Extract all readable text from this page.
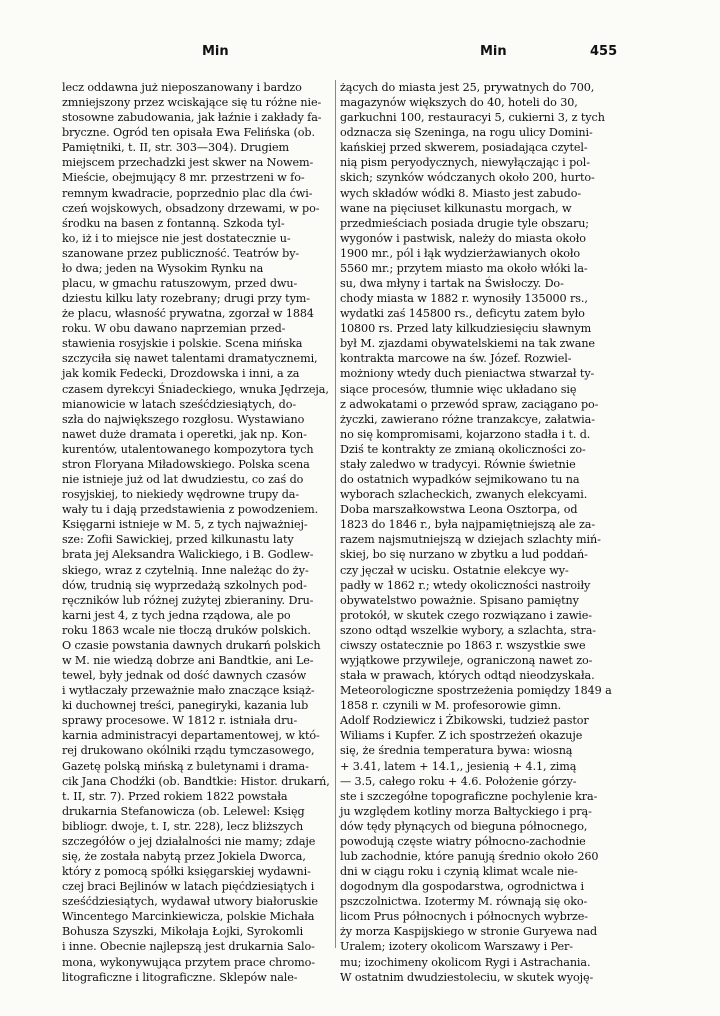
Min	Min	455
lecz oddawna już nieposzanowany i bardzo
zmniejszony przez wciskające się tu różne nie-
stosowne zabudowania, jak łaźnie i zakłady fa-
bryczne. Ogród ten opisała Ewa Felińska (ob.
Pamiętniki, t. II, str. 303—304). Drugiem
miejscem przechadzki jest skwer na Nowem-
Mieście, obejmujący 8 mr. przestrzeni w fo-
remnym kwadracie, poprzednio plac dla ćwi-
czeń wojskowych, obsadzony drzewami, w po-
środku na basen z fontanną. Szkoda tyl-
ko, iż i to miejsce nie jest dostatecznie u-
szanowane przez publiczność. Teatrów by-
ło dwa; jeden na Wysokim Rynku na
placu, w gmachu ratuszowym, przed dwu-
dziestu kilku laty rozebrany; drugi przy tym-
że placu, własność prywatna, zgorzał w 1884
roku. W obu dawano naprzemian przed-
stawienia rosyjskie i polskie. Scena mińska
szczyciła się nawet talentami dramatycznemi,
jak komik Fedecki, Drozdowska i inni, a za
czasem dyrekcyi Śniadeckiego, wnuka Jędrzeja,
mianowicie w latach sześćdziesiątych, do-
szła do największego rozgłosu. Wystawiano
nawet duże dramata i operetki, jak np. Kon-
kurentów, utalentowanego kompozytora tych
stron Floryana Miładowskiego. Polska scena
nie istnieje już od lat dwudziestu, co zaś do
rosyjskiej, to niekiedy wędrowne trupy da-
wały tu i dają przedstawienia z powodzeniem.
Księgarni istnieje w M. 5, z tych najważniej-
sze: Zofii Sawickiej, przed kilkunastu laty
brata jej Aleksandra Walickiego, i B. Godlew-
skiego, wraz z czytelnią. Inne należąc do żу-
dów, trudnią się wyprzedażą szkolnych pod-
ręczników lub różnej zużytej zbieraniny. Dru-
karni jest 4, z tych jedna rządowa, ale po
roku 1863 wcale nie tłoczą druków polskich.
O czasie powstania dawnych drukarń polskich
w M. nie wiedzą dobrze ani Bandtkie, ani Le-
tewel, były jednak od dość dawnych czasów
i wytłaczały przeważnie mało znaczące książ-
ki duchownej treści, panegiryki, kazania lub
sprawy procesowe. W 1812 r. istniała dru-
karnia administracyi departamentowej, w któ-
rej drukowano okólniki rządu tymczasowego,
Gazetę polską mińską z buletynami i drama-
cik Jana Chodźki (ob. Bandtkie: Histor. drukarń,
t. II, str. 7). Przed rokiem 1822 powstała
drukarnia Stefanowicza (ob. Lelewel: Księg
bibliogr. dwoje, t. I, str. 228), lecz bliższych
szczegółów o jej działalności nie mamy; zdaje
się, że została nabytą przez Jokiela Dworca,
który z pomocą spółki księgarskiej wydawni-
czej braci Bejlinów w latach pięćdziesiątych i
sześćdziesiątych, wydawał utwory białoruskie
Wincentego Marcinkiewicza, polskie Michała
Bohusza Szyszki, Mikołaja Łojki, Syrokomli
i inne. Obecnie najlepszą jest drukarnia Salo-
mona, wykonywująca przytem prace chromo-
litograficzne i litograficzne. Sklepów nale-
żących do miasta jest 25, prywatnych do 700,
magazynów większych do 40, hoteli do 30,
garkuchni 100, restauracyi 5, cukierni 3, z tych
odznacza się Szeninga, na rogu ulicy Domini-
kańskiej przed skwerem, posiadająca czytel-
nią pism peryodycznych, niewyłączając i pol-
skich; szynków wódczanych około 200, hurto-
wych składów wódki 8. Miasto jest zabudo-
wane na pięciuset kilkunastu morgach, w
przedmieściach posiada drugie tyle obszaru;
wygonów i pastwisk, należy do miasta około
1900 mr., pól i łąk wydzierżawianych około
5560 mr.; przytem miasto ma około włóki la-
su, dwa młyny i tartak na Świsłoczy. Do-
chody miasta w 1882 r. wynosiły 135000 rs.,
wydatki zaś 145800 rs., deficytu zatem było
10800 rs. Przed laty kilkudziesięciu sławnym
był M. zjazdami obywatelskiemi na tak zwane
kontrakta marcowe na św. Józef. Rozwiel-
możniony wtedy duch pieniactwa stwarzał ty-
siące procesów, tłumnie więc układano się
z adwokatami o przewód spraw, zaciągano po-
życzki, zawierano różne tranzakcye, załatwia-
no się kompromisami, kojarzono stadła i t. d.
Dziś te kontrakty ze zmianą okoliczności zo-
stały zaledwo w tradycyi. Równie świetnie
do ostatnich wypadków sejmikowano tu na
wyborach szlacheckich, zwanych elekcyami.
Doba marszałkowstwa Leona Osztorpa, od
1823 do 1846 r., była najpamiętniejszą ale za-
razem najsmutniejszą w dziejach szlachty miń-
skiej, bo się nurzano w zbytku a lud poddań-
czy jęczał w ucisku. Ostatnie elekcye wy-
padły w 1862 r.; wtedy okoliczności nastroiły
obywatelstwo poważnie. Spisano pamiętny
protokół, w skutek czego rozwiązano i zawie-
szono odtąd wszelkie wybory, a szlachta, stra-
ciwszy ostatecznie po 1863 r. wszystkie swe
wyjątkowe przywileje, ograniczoną nawet zo-
stała w prawach, których odtąd nieodzyskała.
Meteorologiczne spostrzeżenia pomiędzy 1849 a
1858 r. czynili w M. profesorowie gimn.
Adolf Rodziewicz i Żbikowski, tudzież pastor
Wiliams i Kupfer. Z ich spostrzeżeń okazuje
się, że średnia temperatura bywa: wiosną
+ 3.41, latem + 14.1,, jesienią + 4.1, zimą
— 3.5, całego roku + 4.6. Położenie górzy-
ste i szczegółne topograficzne pochylenie kra-
ju względem kotliny morza Bałtyckiego i prą-
dów tędy płynących od bieguna północnego,
powodują częste wiatry północno-zachodnie
lub zachodnie, które panują średnio około 260
dni w ciągu roku i czynią klimat wcale nie-
dogodnym dla gospodarstwa, ogrodnictwa i
pszczolnictwa. Izotermy M. równają się oko-
licom Prus północnych i północnych wybrze-
ży morza Kaspijskiego w stronie Guryewa nad
Uralem; izotery okolicom Warszawy i Per-
mu; izochimeny okolicom Rygi i Astrachania.
W ostatnim dwudziestoleciu, w skutek wyoję-
